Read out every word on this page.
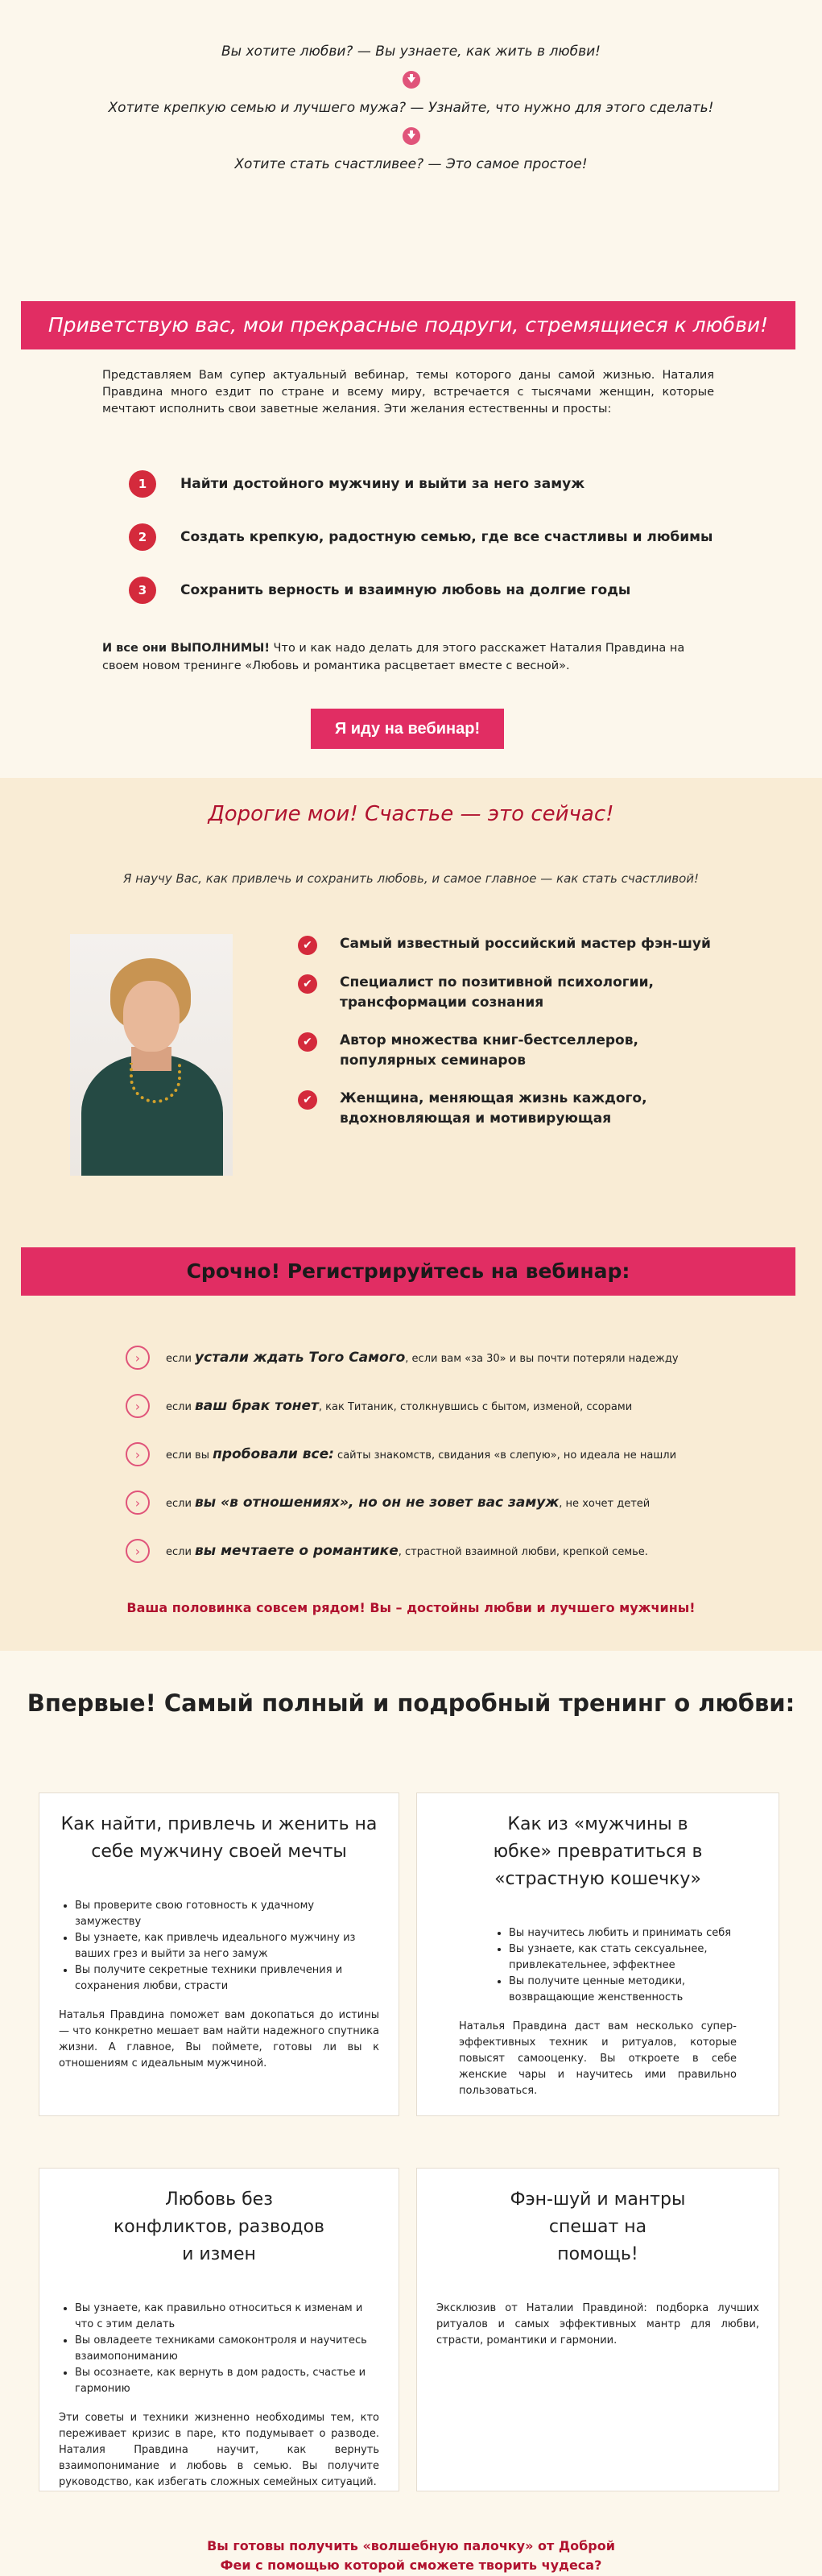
Вы хотите любви? — Вы узнаете, как жить в любви!
Хотите крепкую семью и лучшего мужа? — Узнайте, что нужно для этого сделать!
Хотите стать счастливее? — Это самое простое!
Приветствую вас, мои прекрасные подруги, стремящиеся к любви!
Представляем Вам супер актуальный вебинар, темы которого даны самой жизнью. Наталия Правдина много ездит по стране и всему миру, встречается с тысячами женщин, которые мечтают исполнить свои заветные желания. Эти желания естественны и просты:
1	Найти достойного мужчину и выйти за него замуж
2	Создать крепкую, радостную семью, где все счастливы и любимы
3	Сохранить верность и взаимную любовь на долгие годы
И все они ВЫПОЛНИМЫ! Что и как надо делать для этого расскажет Наталия Правдина на своем новом тренинге «Любовь и романтика расцветает вместе с весной».
Я иду на вебинар!
Дорогие мои! Счастье — это сейчас!
Я научу Вас, как привлечь и сохранить любовь, и самое главное — как стать счастливой!
✔	Самый известный российский мастер фэн-шуй
✔	Специалист по позитивной психологии, трансформации сознания
✔	Автор множества книг-бестселлеров, популярных семинаров
✔	Женщина, меняющая жизнь каждого, вдохновляющая и мотивирующая
Срочно! Регистрируйтесь на вебинар:
›	если устали ждать Того Самого, если вам «за 30» и вы почти потеряли надежду
›	если ваш брак тонет, как Титаник, столкнувшись с бытом, изменой, ссорами
›	если вы пробовали все: сайты знакомств, свидания «в слепую», но идеала не нашли
›	если вы «в отношениях», но он не зовет вас замуж, не хочет детей
›	если вы мечтаете о романтике, страстной взаимной любви, крепкой семье.
Ваша половинка совсем рядом! Вы – достойны любви и лучшего мужчины!
Впервые! Самый полный и подробный тренинг о любви:
Как найти, привлечь и женить на себе мужчину своей мечты
• Вы проверите свою готовность к удачному замужеству
• Вы узнаете, как привлечь идеального мужчину из ваших грез и выйти за него замуж
• Вы получите секретные техники привлечения и сохранения любви, страсти

Наталья Правдина поможет вам докопаться до истины — что конкретно мешает вам найти надежного спутника жизни. А главное, Вы поймете, готовы ли вы к отношениям с идеальным мужчиной.

Как из «мужчины в юбке» превратиться в «страстную кошечку»
• Вы научитесь любить и принимать себя
• Вы узнаете, как стать сексуальнее, привлекательнее, эффектнее
• Вы получите ценные методики, возвращающие женственность

Наталья Правдина даст вам несколько супер-эффективных техник и ритуалов, которые повысят самооценку. Вы откроете в себе женские чары и научитесь ими правильно пользоваться.

Любовь без конфликтов, разводов и измен
• Вы узнаете, как правильно относиться к изменам и что с этим делать
• Вы овладеете техниками самоконтроля и научитесь взаимопониманию
• Вы осознаете, как вернуть в дом радость, счастье и гармонию

Эти советы и техники жизненно необходимы тем, кто переживает кризис в паре, кто подумывает о разводе. Наталия Правдина научит, как вернуть взаимопонимание и любовь в семью. Вы получите руководство, как избегать сложных семейных ситуаций.

Фэн-шуй и мантры спешат на помощь!

Эксклюзив от Наталии Правдиной: подборка лучших ритуалов и самых эффективных мантр для любви, страсти, романтики и гармонии.

Вы готовы получить «волшебную палочку» от Доброй Феи с помощью которой сможете творить чудеса?
